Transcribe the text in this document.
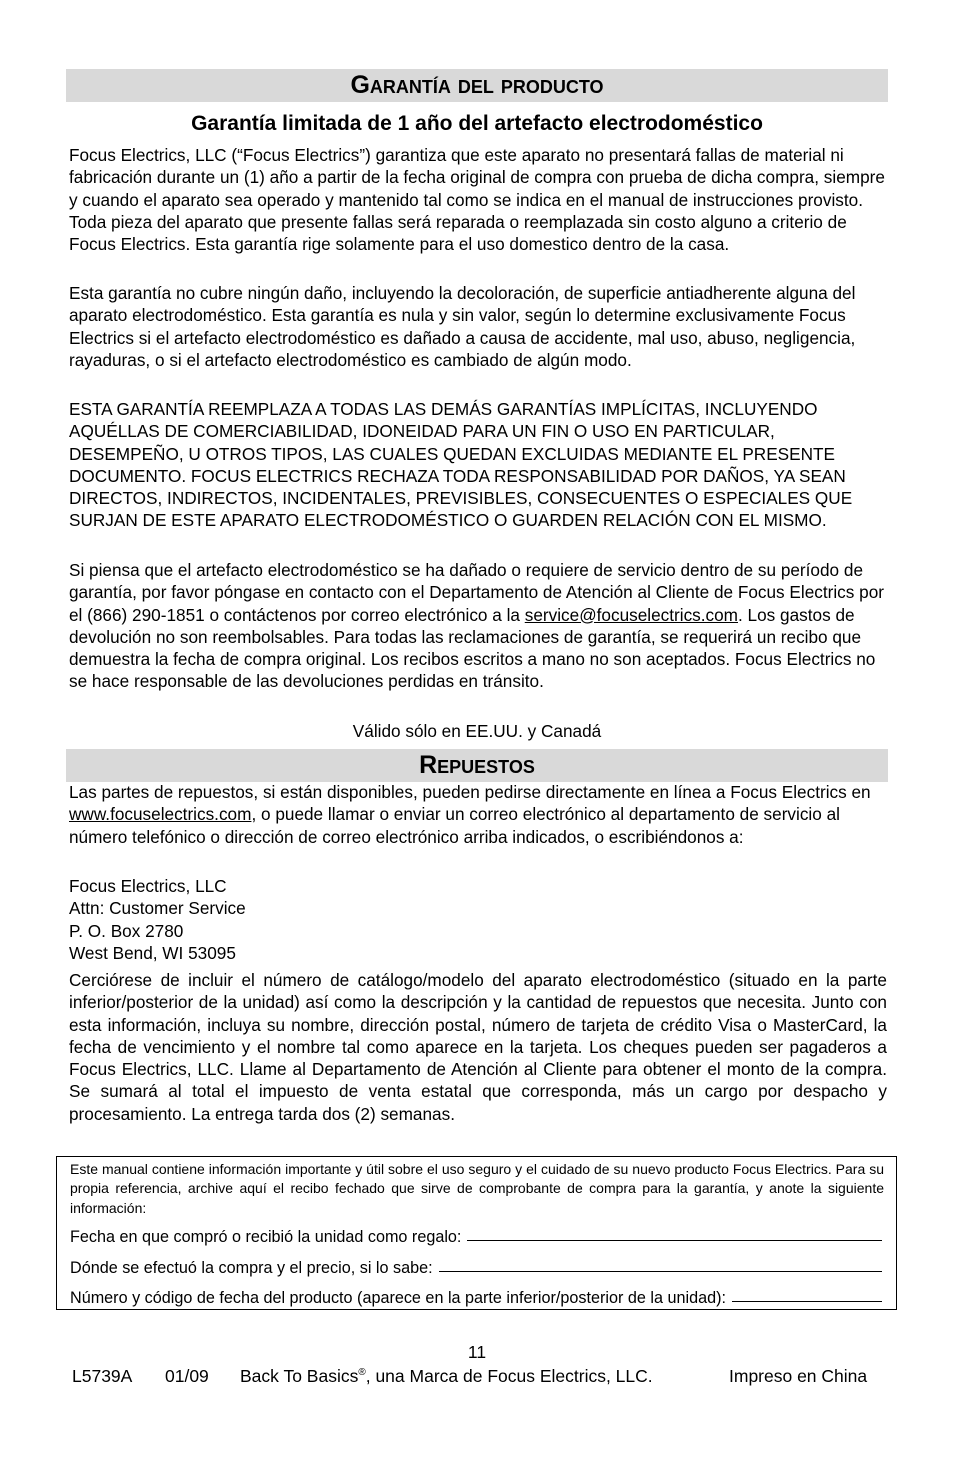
Garantía del producto
Garantía limitada de 1 año del artefacto electrodoméstico

Focus Electrics, LLC (“Focus Electrics”) garantiza que este aparato no presentará fallas de material ni fabricación durante un (1) año a partir de la fecha original de compra con prueba de dicha compra, siempre y cuando el aparato sea operado y mantenido tal como se indica en el manual de instrucciones provisto. Toda pieza del aparato que presente fallas será reparada o reemplazada sin costo alguno a criterio de Focus Electrics. Esta garantía rige solamente para el uso domestico dentro de la casa.

Esta garantía no cubre ningún daño, incluyendo la decoloración, de superficie antiadherente alguna del aparato electrodoméstico. Esta garantía es nula y sin valor, según lo determine exclusivamente Focus Electrics si el artefacto electrodoméstico es dañado a causa de accidente, mal uso, abuso, negligencia, rayaduras, o si el artefacto electrodoméstico es cambiado de algún modo.

ESTA GARANTÍA REEMPLAZA A TODAS LAS DEMÁS GARANTÍAS IMPLÍCITAS, INCLUYENDO AQUÉLLAS DE COMERCIABILIDAD, IDONEIDAD PARA UN FIN O USO EN PARTICULAR, DESEMPEÑO, U OTROS TIPOS, LAS CUALES QUEDAN EXCLUIDAS MEDIANTE EL PRESENTE DOCUMENTO. FOCUS ELECTRICS RECHAZA TODA RESPONSABILIDAD POR DAÑOS, YA SEAN DIRECTOS, INDIRECTOS, INCIDENTALES, PREVISIBLES, CONSECUENTES O ESPECIALES QUE SURJAN DE ESTE APARATO ELECTRODOMÉSTICO O GUARDEN RELACIÓN CON EL MISMO.

Si piensa que el artefacto electrodoméstico se ha dañado o requiere de servicio dentro de su período de garantía, por favor póngase en contacto con el Departamento de Atención al Cliente de Focus Electrics por el (866) 290-1851 o contáctenos por correo electrónico a la service@focuselectrics.com. Los gastos de devolución no son reembolsables. Para todas las reclamaciones de garantía, se requerirá un recibo que demuestra la fecha de compra original. Los recibos escritos a mano no son aceptados. Focus Electrics no se hace responsable de las devoluciones perdidas en tránsito.

Válido sólo en EE.UU. y Canadá

Repuestos

Las partes de repuestos, si están disponibles, pueden pedirse directamente en línea a Focus Electrics en www.focuselectrics.com, o puede llamar o enviar un correo electrónico al departamento de servicio al número telefónico o dirección de correo electrónico arriba indicados, o escribiéndonos a:

Focus Electrics, LLC
Attn: Customer Service
P. O. Box 2780
West Bend, WI 53095

Cerciórese de incluir el número de catálogo/modelo del aparato electrodoméstico (situado en la parte inferior/posterior de la unidad) así como la descripción y la cantidad de repuestos que necesita. Junto con esta información, incluya su nombre, dirección postal, número de tarjeta de crédito Visa o MasterCard, la fecha de vencimiento y el nombre tal como aparece en la tarjeta. Los cheques pueden ser pagaderos a Focus Electrics, LLC. Llame al Departamento de Atención al Cliente para obtener el monto de la compra. Se sumará al total el impuesto de venta estatal que corresponda, más un cargo por despacho y procesamiento. La entrega tarda dos (2) semanas.

Este manual contiene información importante y útil sobre el uso seguro y el cuidado de su nuevo producto Focus Electrics. Para su propia referencia, archive aquí el recibo fechado que sirve de comprobante de compra para la garantía, y anote la siguiente información:

Fecha en que compró o recibió la unidad como regalo:
Dónde se efectuó la compra y el precio, si lo sabe:
Número y código de fecha del producto (aparece en la parte inferior/posterior de la unidad):
11
L5739A 01/09 Back To Basics®, una Marca de Focus Electrics, LLC.	Impreso en China
